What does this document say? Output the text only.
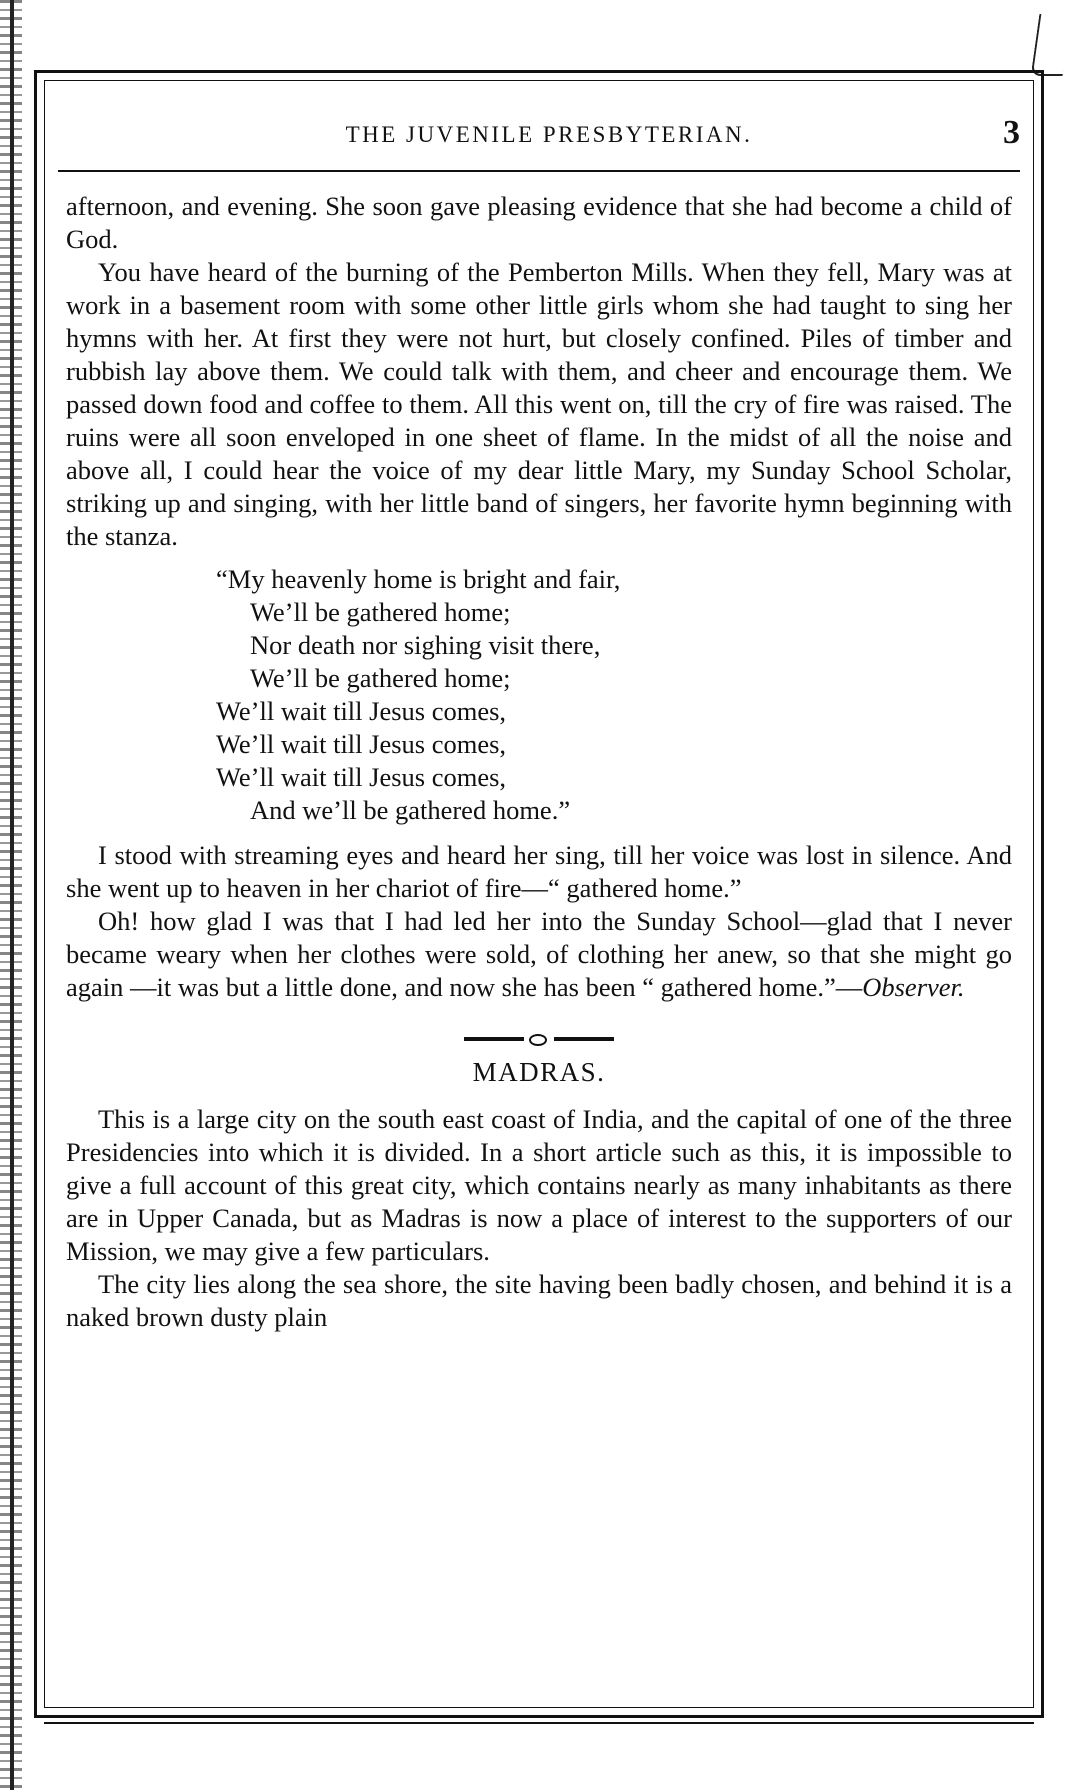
THE JUVENILE PRESBYTERIAN.	3

afternoon, and evening. She soon gave pleasing evidence that she had become a child of God.

You have heard of the burning of the Pemberton Mills. When they fell, Mary was at work in a basement room with some other little girls whom she had taught to sing her hymns with her. At first they were not hurt, but closely confined. Piles of timber and rubbish lay above them. We could talk with them, and cheer and encourage them. We passed down food and coffee to them. All this went on, till the cry of fire was raised. The ruins were all soon enveloped in one sheet of flame. In the midst of all the noise and above all, I could hear the voice of my dear little Mary, my Sunday School Scholar, striking up and singing, with her little band of singers, her favorite hymn beginning with the stanza.

“My heavenly home is bright and fair,
We’ll be gathered home;
Nor death nor sighing visit there,
We’ll be gathered home;
We’ll wait till Jesus comes,
We’ll wait till Jesus comes,
We’ll wait till Jesus comes,
And we’ll be gathered home.”

I stood with streaming eyes and heard her sing, till her voice was lost in silence. And she went up to heaven in her chariot of fire—“ gathered home.”

Oh! how glad I was that I had led her into the Sunday School—glad that I never became weary when her clothes were sold, of clothing her anew, so that she might go again —it was but a little done, and now she has been “ gathered home.”—Observer.

MADRAS.

This is a large city on the south east coast of India, and the capital of one of the three Presidencies into which it is divided. In a short article such as this, it is impossible to give a full account of this great city, which contains nearly as many inhabitants as there are in Upper Canada, but as Madras is now a place of interest to the supporters of our Mission, we may give a few particulars.

The city lies along the sea shore, the site having been badly chosen, and behind it is a naked brown dusty plain
